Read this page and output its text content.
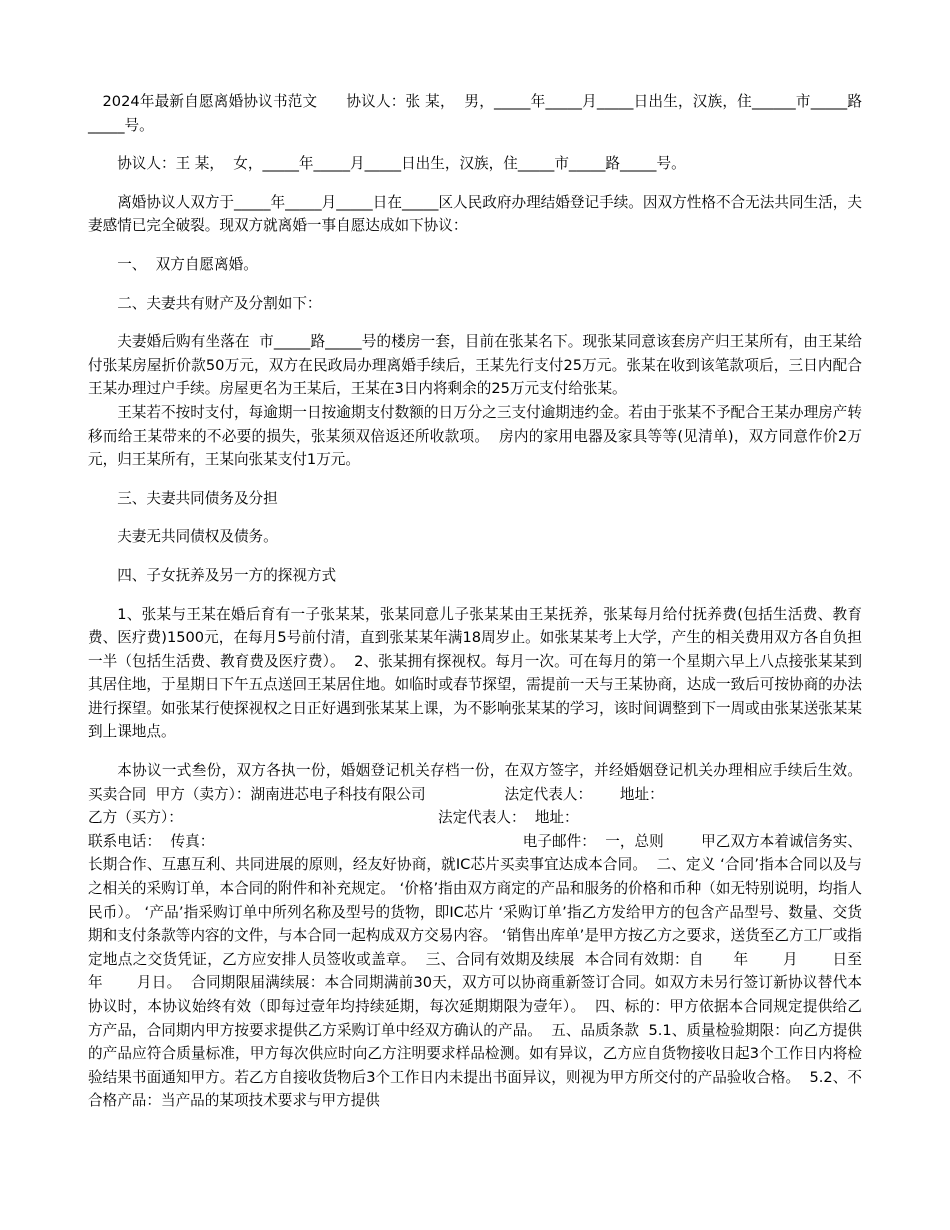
2024年最新自愿离婚协议书范文      协议人：张 某，  男，_____年_____月_____日出生，汉族，住______市_____路_____号。

协议人：王 某，  女，_____年_____月_____日出生，汉族，住_____市_____路_____号。

离婚协议人双方于_____年_____月_____日在_____区人民政府办理结婚登记手续。因双方性格不合无法共同生活，夫妻感情已完全破裂。现双方就离婚一事自愿达成如下协议：

一、  双方自愿离婚。

二、夫妻共有财产及分割如下：

夫妻婚后购有坐落在  市_____路_____号的楼房一套，目前在张某名下。现张某同意该套房产归王某所有，由王某给付张某房屋折价款50万元，双方在民政局办理离婚手续后，王某先行支付25万元。张某在收到该笔款项后，三日内配合王某办理过户手续。房屋更名为王某后，王某在3日内将剩余的25万元支付给张某。

王某若不按时支付，每逾期一日按逾期支付数额的日万分之三支付逾期违约金。若由于张某不予配合王某办理房产转移而给王某带来的不必要的损失，张某须双倍返还所收款项。  房内的家用电器及家具等等(见清单)，双方同意作价2万元，归王某所有，王某向张某支付1万元。

三、夫妻共同债务及分担

夫妻无共同债权及债务。

四、子女抚养及另一方的探视方式

1、张某与王某在婚后育有一子张某某，张某同意儿子张某某由王某抚养，张某每月给付抚养费(包括生活费、教育费、医疗费)1500元，在每月5号前付清，直到张某某年满18周岁止。如张某某考上大学，产生的相关费用双方各自负担一半（包括生活费、教育费及医疗费）。  2、张某拥有探视权。每月一次。可在每月的第一个星期六早上八点接张某某到其居住地，于星期日下午五点送回王某居住地。如临时或春节探望，需提前一天与王某协商，达成一致后可按协商的办法进行探望。如张某行使探视权之日正好遇到张某某上课，为不影响张某某的学习，该时间调整到下一周或由张某送张某某到上课地点。

本协议一式叁份，双方各执一份，婚姻登记机关存档一份，在双方签字，并经婚姻登记机关办理相应手续后生效。  买卖合同  甲方（卖方）：湖南进芯电子科技有限公司                 法定代表人：      地址：

乙方（买方）：                                                       法定代表人：  地址：

联系电话：  传真：                                                                  电子邮件：  一，总则        甲乙双方本着诚信务实、长期合作、互惠互利、共同进展的原则，经友好协商，就IC芯片买卖事宜达成本合同。  二、定义 ‘合同’指本合同以及与之相关的采购订单，本合同的附件和补充规定。 ‘价格’指由双方商定的产品和服务的价格和币种（如无特别说明，均指人民币）。 ‘产品’指采购订单中所列名称及型号的货物，即IC芯片 ‘采购订单’指乙方发给甲方的包含产品型号、数量、交货期和支付条款等内容的文件，与本合同一起构成双方交易内容。 ‘销售出库单’是甲方按乙方之要求，送货至乙方工厂或指定地点之交货凭证，乙方应安排人员签收或盖章。  三、合同有效期及续展  本合同有效期：自      年       月       日至       年       月日。  合同期限届满续展：本合同期满前30天，双方可以协商重新签订合同。如双方未另行签订新协议替代本协议时，本协议始终有效（即每过壹年均持续延期，每次延期期限为壹年）。  四、标的：甲方依据本合同规定提供给乙方产品，合同期内甲方按要求提供乙方采购订单中经双方确认的产品。  五、品质条款  5.1、质量检验期限：向乙方提供的产品应符合质量标准，甲方每次供应时向乙方注明要求样品检测。如有异议，乙方应自货物接收日起3个工作日内将检验结果书面通知甲方。若乙方自接收货物后3个工作日内未提出书面异议，则视为甲方所交付的产品验收合格。  5.2、不合格产品：当产品的某项技术要求与甲方提供
